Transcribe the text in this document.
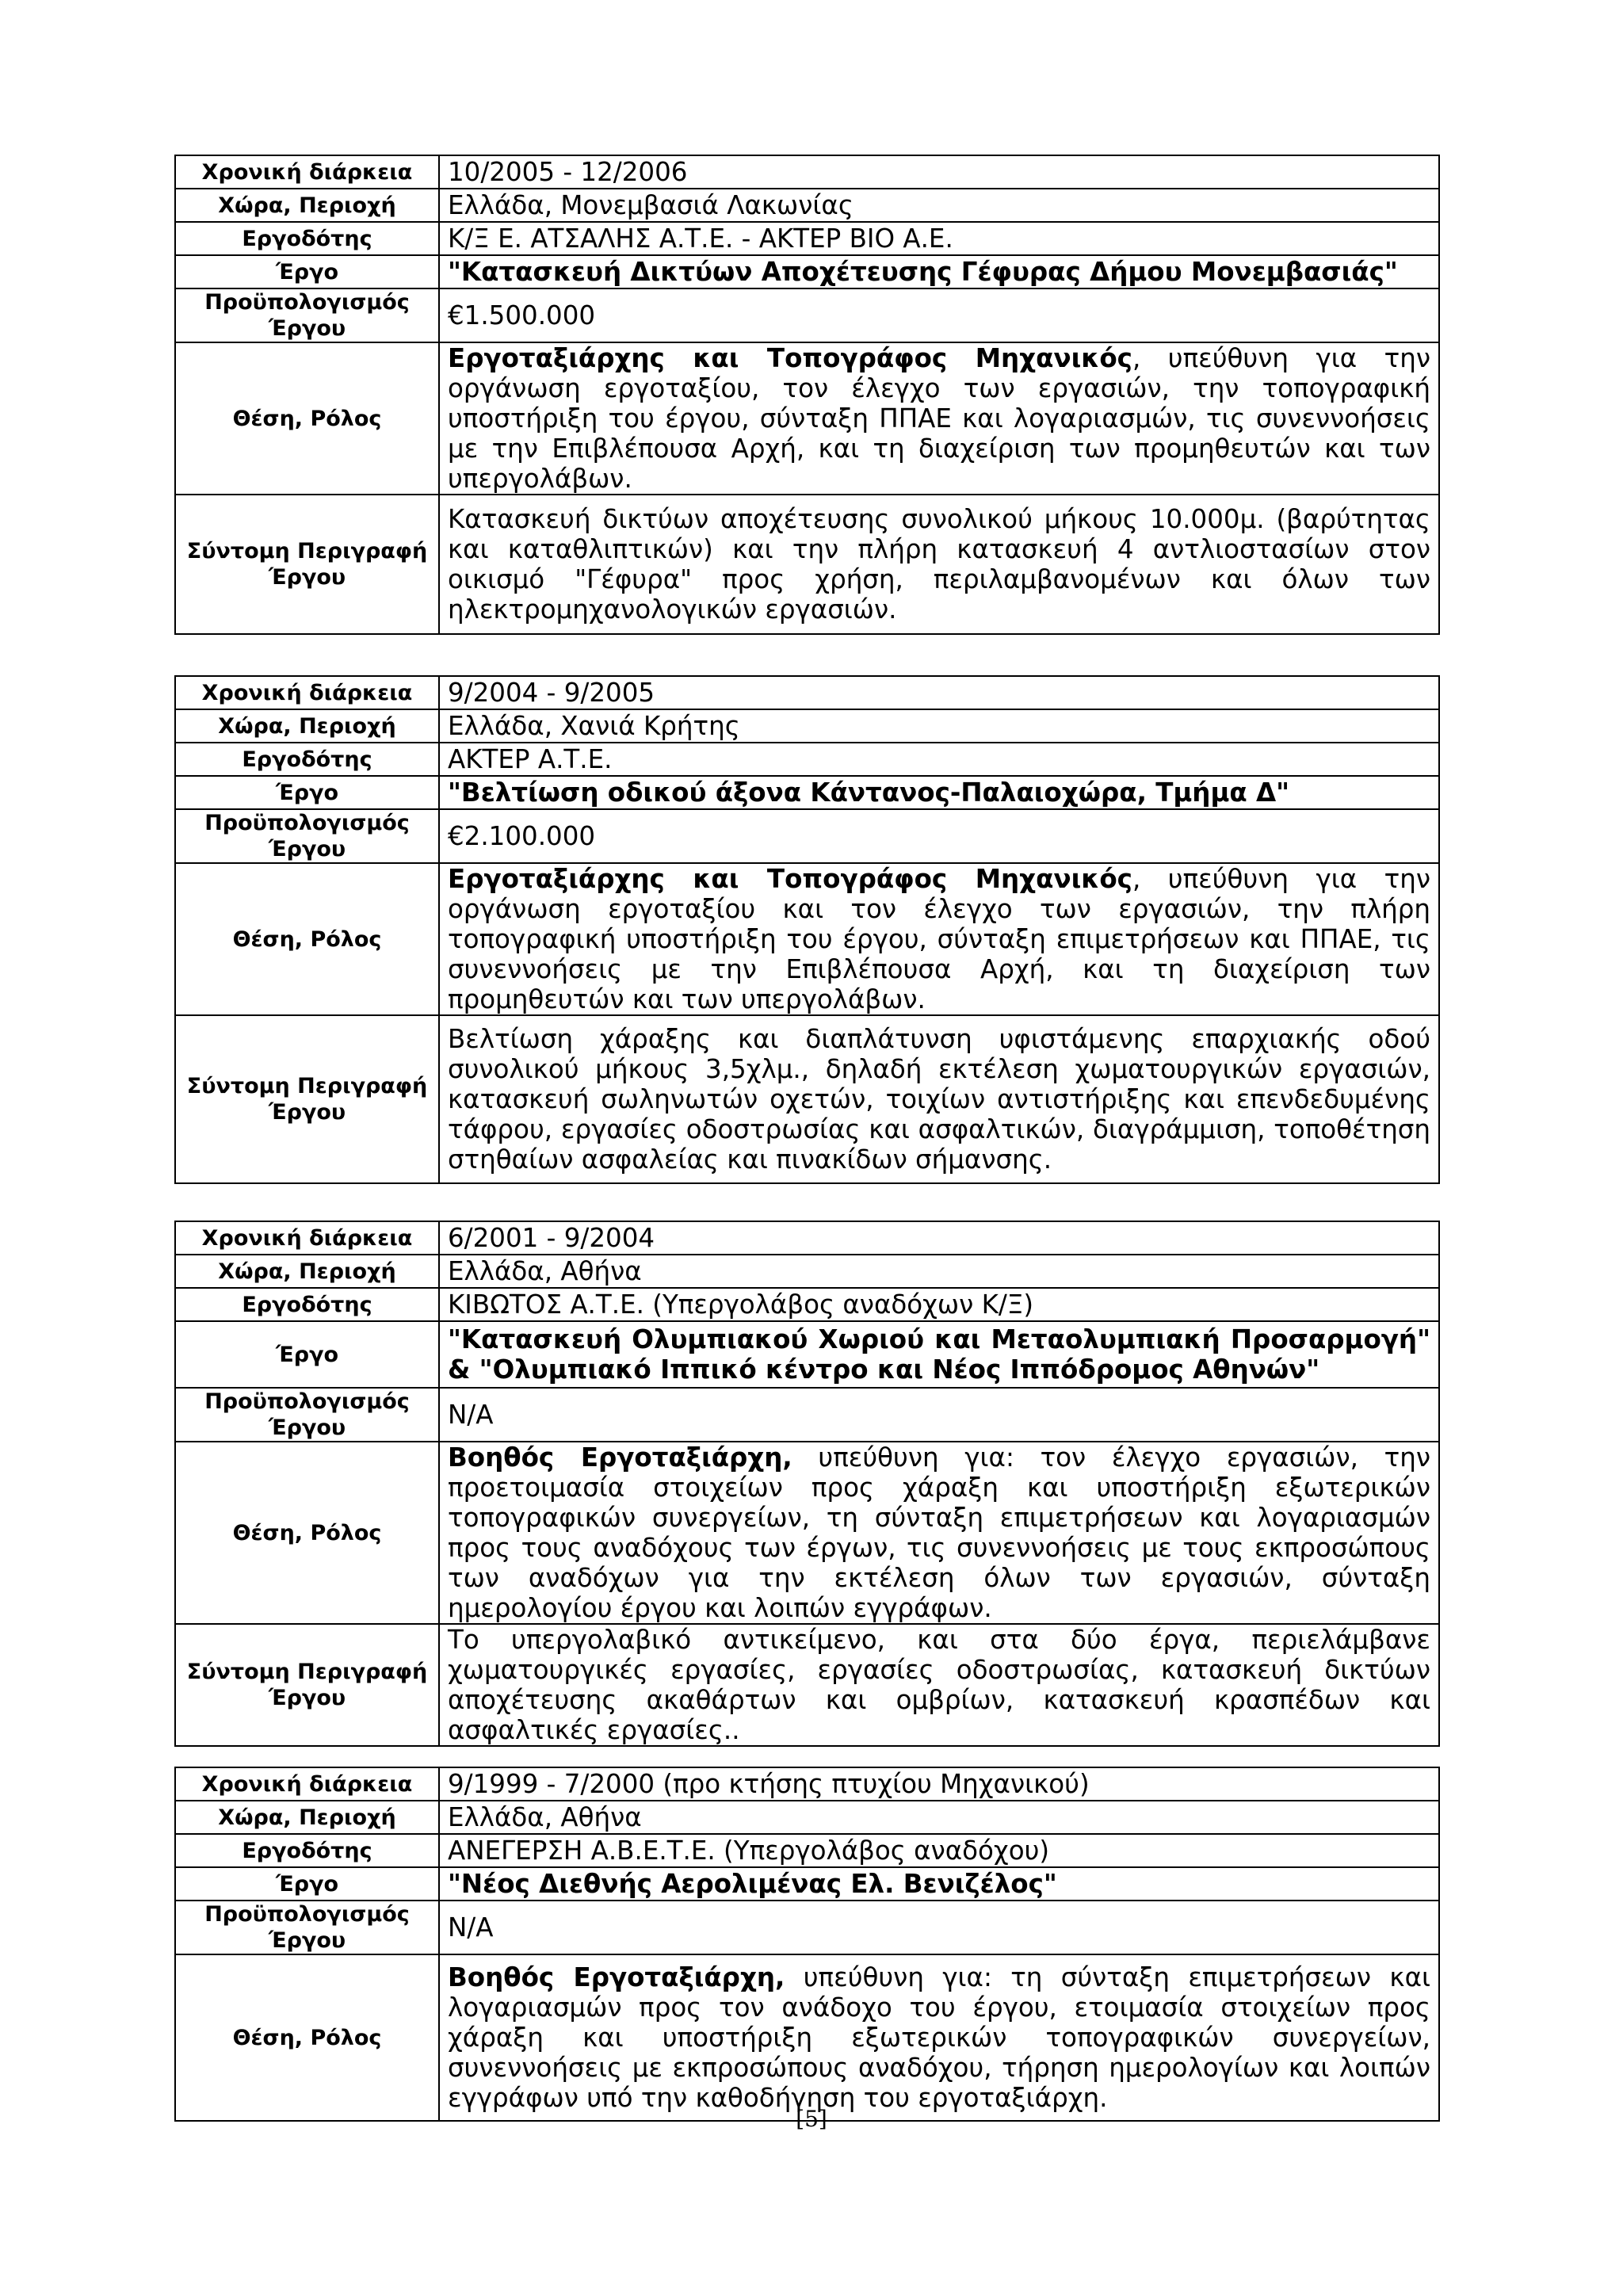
Χρονική διάρκεια	10/2005 - 12/2006
Χώρα, Περιοχή	Ελλάδα, Μονεμβασιά Λακωνίας
Εργοδότης	Κ/Ξ Ε. ΑΤΣΑΛΗΣ Α.Τ.Ε. - ΑΚΤΕΡ ΒΙΟ Α.Ε.
Έργο	"Κατασκευή Δικτύων Αποχέτευσης Γέφυρας Δήμου Μονεμβασιάς"
Προϋπολογισμός Έργου	€1.500.000
Θέση, Ρόλος	Εργοταξιάρχης και Τοπογράφος Μηχανικός, υπεύθυνη για την οργάνωση εργοταξίου, τον έλεγχο των εργασιών, την τοπογραφική υποστήριξη του έργου, σύνταξη ΠΠΑΕ και λογαριασμών, τις συνεννοήσεις με την Επιβλέπουσα Αρχή, και τη διαχείριση των προμηθευτών και των υπεργολάβων.
Σύντομη Περιγραφή Έργου	Κατασκευή δικτύων αποχέτευσης συνολικού μήκους 10.000μ. (βαρύτητας και καταθλιπτικών) και την πλήρη κατασκευή 4 αντλιοστασίων στον οικισμό "Γέφυρα" προς χρήση, περιλαμβανομένων και όλων των ηλεκτρομηχανολογικών εργασιών.
Χρονική διάρκεια	9/2004 - 9/2005
Χώρα, Περιοχή	Ελλάδα, Χανιά Κρήτης
Εργοδότης	ΑΚΤΕΡ Α.Τ.Ε.
Έργο	"Βελτίωση οδικού άξονα Κάντανος-Παλαιοχώρα, Τμήμα Δ"
Προϋπολογισμός Έργου	€2.100.000
Θέση, Ρόλος	Εργοταξιάρχης και Τοπογράφος Μηχανικός, υπεύθυνη για την οργάνωση εργοταξίου και τον έλεγχο των εργασιών, την πλήρη τοπογραφική υποστήριξη του έργου, σύνταξη επιμετρήσεων και ΠΠΑΕ, τις συνεννοήσεις με την Επιβλέπουσα Αρχή, και τη διαχείριση των προμηθευτών και των υπεργολάβων.
Σύντομη Περιγραφή Έργου	Βελτίωση χάραξης και διαπλάτυνση υφιστάμενης επαρχιακής οδού συνολικού μήκους 3,5χλμ., δηλαδή εκτέλεση χωματουργικών εργασιών, κατασκευή σωληνωτών οχετών, τοιχίων αντιστήριξης και επενδεδυμένης τάφρου, εργασίες οδοστρωσίας και ασφαλτικών, διαγράμμιση, τοποθέτηση στηθαίων ασφαλείας και πινακίδων σήμανσης.
Χρονική διάρκεια	6/2001 - 9/2004
Χώρα, Περιοχή	Ελλάδα, Αθήνα
Εργοδότης	ΚΙΒΩΤΟΣ Α.Τ.Ε. (Υπεργολάβος αναδόχων Κ/Ξ)
Έργο	"Κατασκευή Ολυμπιακού Χωριού και Μεταολυμπιακή Προσαρμογή" & "Ολυμπιακό Ιππικό κέντρο και Νέος Ιππόδρομος Αθηνών"
Προϋπολογισμός Έργου	N/A
Θέση, Ρόλος	Βοηθός Εργοταξιάρχη, υπεύθυνη για: τον έλεγχο εργασιών, την προετοιμασία στοιχείων προς χάραξη και υποστήριξη εξωτερικών τοπογραφικών συνεργείων, τη σύνταξη επιμετρήσεων και λογαριασμών προς τους αναδόχους των έργων, τις συνεννοήσεις με τους εκπροσώπους των αναδόχων για την εκτέλεση όλων των εργασιών, σύνταξη ημερολογίου έργου και λοιπών εγγράφων.
Σύντομη Περιγραφή Έργου	Το υπεργολαβικό αντικείμενο, και στα δύο έργα, περιελάμβανε χωματουργικές εργασίες, εργασίες οδοστρωσίας, κατασκευή δικτύων αποχέτευσης ακαθάρτων και ομβρίων, κατασκευή κρασπέδων και ασφαλτικές εργασίες..
Χρονική διάρκεια	9/1999 - 7/2000 (προ κτήσης πτυχίου Μηχανικού)
Χώρα, Περιοχή	Ελλάδα, Αθήνα
Εργοδότης	ΑΝΕΓΕΡΣΗ Α.Β.Ε.Τ.Ε. (Υπεργολάβος αναδόχου)
Έργο	"Νέος Διεθνής Αερολιμένας Ελ. Βενιζέλος"
Προϋπολογισμός Έργου	N/A
Θέση, Ρόλος	Βοηθός Εργοταξιάρχη, υπεύθυνη για: τη σύνταξη επιμετρήσεων και λογαριασμών προς τον ανάδοχο του έργου, ετοιμασία στοιχείων προς χάραξη και υποστήριξη εξωτερικών τοπογραφικών συνεργείων, συνεννοήσεις με εκπροσώπους αναδόχου, τήρηση ημερολογίων και λοιπών εγγράφων υπό την καθοδήγηση του εργοταξιάρχη.
[5]
